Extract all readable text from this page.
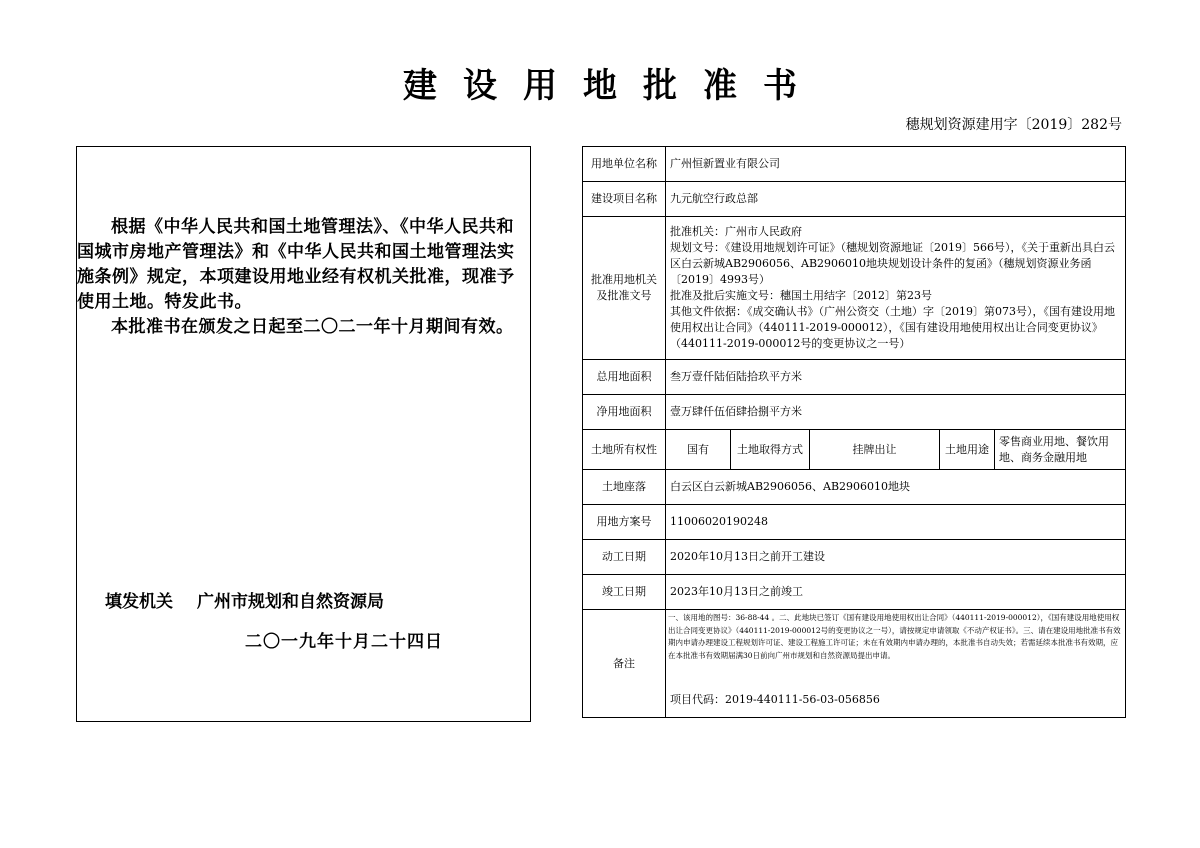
建设用地批准书
穗规划资源建用字〔2019〕282号

根据《中华人民共和国土地管理法》、《中华人民共和国城市房地产管理法》和《中华人民共和国土地管理法实施条例》规定，本项建设用地业经有权机关批准，现准予使用土地。特发此书。

本批准书在颁发之日起至二〇二一年十月期间有效。

填发机关 广州市规划和自然资源局
二〇一九年十月二十四日
用地单位名称	广州恒新置业有限公司				
建设项目名称	九元航空行政总部				
批准用地机关及批准文号	批准机关：广州市人民政府
规划文号：《建设用地规划许可证》（穗规划资源地证〔2019〕566号），《关于重新出具白云区白云新城AB2906056、AB2906010地块规划设计条件的复函》（穗规划资源业务函〔2019〕4993号）
批准及批后实施文号：穗国土用结字〔2012〕第23号
其他文件依据：《成交确认书》（广州公资交（土地）字〔2019〕第073号），《国有建设用地使用权出让合同》（440111-2019-000012），《国有建设用地使用权出让合同变更协议》（440111-2019-000012号的变更协议之一号）				

总用地面积	叁万壹仟陆佰陆拾玖平方米				
净用地面积	壹万肆仟伍佰肆拾捌平方米				
土地所有权性	国有	土地取得方式	挂牌出让	土地用途	零售商业用地、餐饮用地、商务金融用地
土地座落	白云区白云新城AB2906056、AB2906010地块				
用地方案号	11006020190248				
动工日期	2020年10月13日之前开工建设				
竣工日期	2023年10月13日之前竣工				
备注	一、该用地的图号：36-88-44 。二、此地块已签订《国有建设用地使用权出让合同》（440111-2019-000012），《国有建设用地使用权出让合同变更协议》（440111-2019-000012号的变更协议之一号），请按规定申请领取《不动产权证书》。三、请在建设用地批准书有效期内申请办理建设工程规划许可证、建设工程施工许可证；未在有效期内申请办理的，本批准书自动失效；若需延续本批准书有效期，应在本批准书有效期届满30日前向广州市规划和自然资源局提出申请。
项目代码：2019-440111-56-03-056856				
